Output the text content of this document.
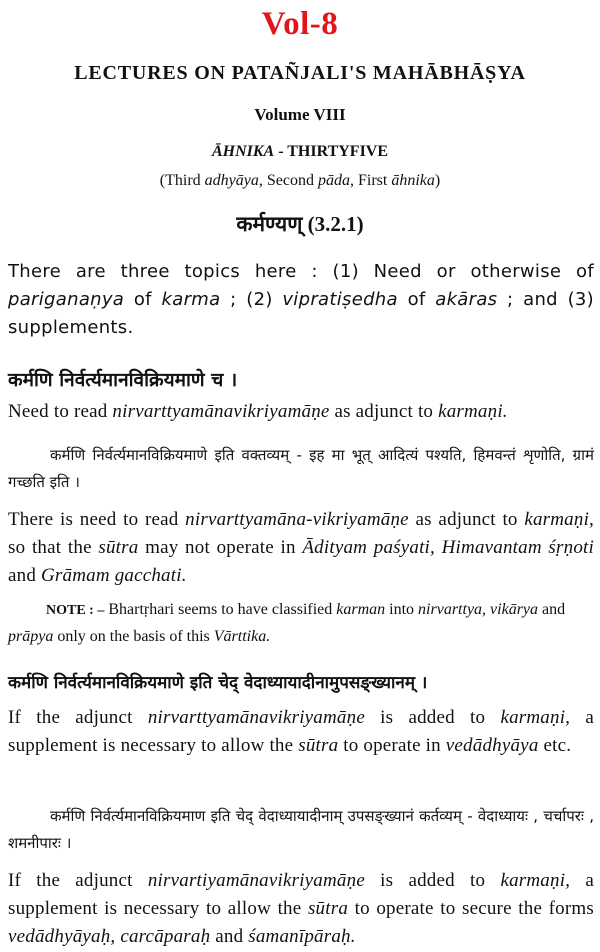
Vol-8
LECTURES ON PATAÑJALI'S MAHĀBHĀṢYA
Volume VIII
ĀHNIKA - THIRTYFIVE
(Third adhyāya, Second pāda, First āhnika)
कर्मण्यण् (3.2.1)
There are three topics here : (1) Need or otherwise of pariganaṇya of karma ; (2) vipratiṣedha of akāras ; and (3) supplements.
कर्मणि निर्वर्त्यमानविक्रियमाणे च ।
Need to read nirvarttyamānavikriyamāṇe as adjunct to karmaṇi.
कर्मणि निर्वर्त्यमानविक्रियमाणे इति वक्तव्यम् - इह मा भूत् आदित्यं पश्यति, हिमवन्तं शृणोति, ग्रामं गच्छति इति ।
There is need to read nirvarttyamāna-vikriyamāṇe as adjunct to karmaṇi, so that the sūtra may not operate in Ādityam paśyati, Himavantam śṛṇoti and Grāmam gacchati.
NOTE : – Bhartṛhari seems to have classified karman into nirvarttya, vikārya and prāpya only on the basis of this Vārttika.
कर्मणि निर्वर्त्यमानविक्रियमाणे इति चेद् वेदाध्यायादीनामुपसङ्ख्यानम् ।
If the adjunct nirvarttyamānavikriyamāṇe is added to karmaṇi, a supplement is necessary to allow the sūtra to operate in vedādhyāya etc.
कर्मणि निर्वर्त्यमानविक्रियमाण इति चेद् वेदाध्यायादीनाम् उपसङ्ख्यानं कर्तव्यम् - वेदाध्यायः , चर्चापरः , शमनीपारः ।
If the adjunct nirvartiyamānavikriyamāṇe is added to karmaṇi, a supplement is necessary to allow the sūtra to operate to secure the forms vedādhyāyaḥ, carcāparaḥ and śamanīpāraḥ.
